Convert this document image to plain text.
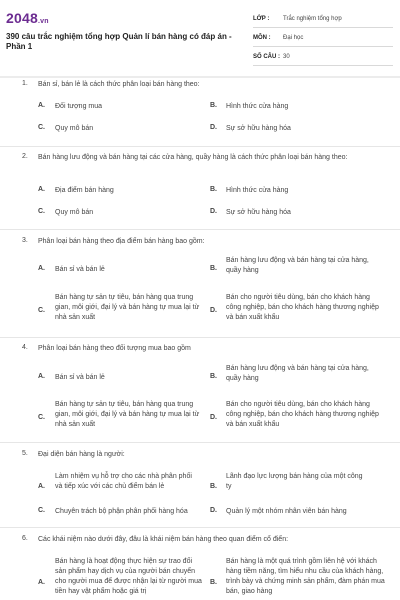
2048.vn
390 câu trắc nghiệm tổng hợp Quản lí bán hàng có đáp án - Phần 1
LỚP : Trắc nghiệm tổng hợp
MÔN : Đại học
SỐ CÂU : 30
1. Bán sỉ, bán lẻ là cách thức phân loại bán hàng theo:
A. Đối tượng mua	B. Hình thức cửa hàng
C. Quy mô bán	D. Sự sở hữu hàng hóa
2. Bán hàng lưu động và bán hàng tại các cửa hàng, quầy hàng là cách thức phân loại bán hàng theo:
A. Địa điểm bán hàng	B. Hình thức cửa hàng
C. Quy mô bán	D. Sự sở hữu hàng hóa
3. Phân loại bán hàng theo địa điểm bán hàng bao gồm:
A. Bán sỉ và bán lẻ	B.
Bán hàng lưu động và bán hàng tại cửa hàng, quầy hàng
C.
Bán hàng tự sản tự tiêu, bán hàng qua trung gian, môi giới, đại lý và bán hàng tự mua lại từ nhà sản xuất
D.
Bán cho người tiêu dùng, bán cho khách hàng công nghiệp, bán cho khách hàng thương nghiệp và bán xuất khẩu
4. Phân loại bán hàng theo đối tượng mua bao gồm
A. Bán sỉ và bán lẻ	B.
Bán hàng lưu động và bán hàng tại cửa hàng, quầy hàng
C.
Bán hàng tự sản tự tiêu, bán hàng qua trung gian, môi giới, đại lý và bán hàng tự mua lại từ nhà sản xuất
D.
Bán cho người tiêu dùng, bán cho khách hàng công nghiệp, bán cho khách hàng thương nghiệp và bán xuất khẩu
5. Đại diện bán hàng là người:
A.
Làm nhiệm vụ hỗ trợ cho các nhà phân phối và tiếp xúc với các chủ điểm bán lẻ	B.
Lãnh đạo lực lượng bán hàng của một công ty
C. Chuyên trách bộ phận phân phối hàng hóa	D. Quản lý một nhóm nhân viên bán hàng
6. Các khái niệm nào dưới đây, đâu là khái niệm bán hàng theo quan điểm cổ điển:
A.
Bán hàng là hoạt động thực hiện sự trao đổi sản phẩm hay dịch vụ của người bán chuyển cho người mua để được nhận lại từ người mua tiền hay vật phẩm hoặc giá trị
B.
Bán hàng là một quá trình gồm liên hệ với khách hàng tiềm năng, tìm hiểu nhu cầu của khách hàng, trình bày và chứng minh sản phẩm, đàm phán mua bán, giao hàng
